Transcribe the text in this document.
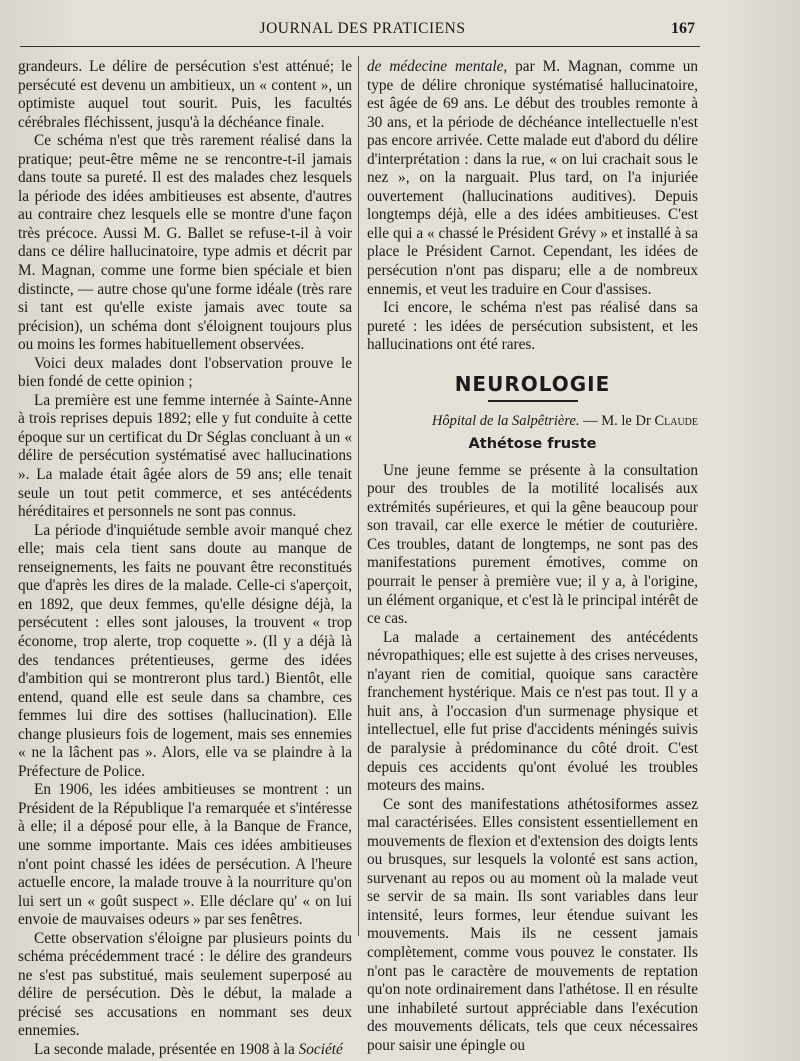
JOURNAL DES PRATICIENS	167

grandeurs. Le délire de persécution s'est atténué; le persécuté est devenu un ambitieux, un « content », un optimiste auquel tout sourit. Puis, les facultés cérébrales fléchissent, jusqu'à la déchéance finale.

Ce schéma n'est que très rarement réalisé dans la pratique; peut-être même ne se rencontre-t-il jamais dans toute sa pureté. Il est des malades chez lesquels la période des idées ambitieuses est absente, d'autres au contraire chez lesquels elle se montre d'une façon très précoce. Aussi M. G. Ballet se refuse-t-il à voir dans ce délire hallucinatoire, type admis et décrit par M. Magnan, comme une forme bien spéciale et bien distincte, — autre chose qu'une forme idéale (très rare si tant est qu'elle existe jamais avec toute sa précision), un schéma dont s'éloignent toujours plus ou moins les formes habituellement observées.

Voici deux malades dont l'observation prouve le bien fondé de cette opinion ;

La première est une femme internée à Sainte-Anne à trois reprises depuis 1892; elle y fut conduite à cette époque sur un certificat du Dr Séglas concluant à un « délire de persécution systématisé avec hallucinations ». La malade était âgée alors de 59 ans; elle tenait seule un tout petit commerce, et ses antécédents héréditaires et personnels ne sont pas connus.

La période d'inquiétude semble avoir manqué chez elle; mais cela tient sans doute au manque de renseignements, les faits ne pouvant être reconstitués que d'après les dires de la malade. Celle-ci s'aperçoit, en 1892, que deux femmes, qu'elle désigne déjà, la persécutent : elles sont jalouses, la trouvent « trop économe, trop alerte, trop coquette ». (Il y a déjà là des tendances prétentieuses, germe des idées d'ambition qui se montreront plus tard.) Bientôt, elle entend, quand elle est seule dans sa chambre, ces femmes lui dire des sottises (hallucination). Elle change plusieurs fois de logement, mais ses ennemies « ne la lâchent pas ». Alors, elle va se plaindre à la Préfecture de Police.

En 1906, les idées ambitieuses se montrent : un Président de la République l'a remarquée et s'intéresse à elle; il a déposé pour elle, à la Banque de France, une somme importante. Mais ces idées ambitieuses n'ont point chassé les idées de persécution. A l'heure actuelle encore, la malade trouve à la nourriture qu'on lui sert un « goût suspect ». Elle déclare qu' « on lui envoie de mauvaises odeurs » par ses fenêtres.

Cette observation s'éloigne par plusieurs points du schéma précédemment tracé : le délire des grandeurs ne s'est pas substitué, mais seulement superposé au délire de persécution. Dès le début, la malade a précisé ses accusations en nommant ses deux ennemies.

La seconde malade, présentée en 1908 à la Société

de médecine mentale, par M. Magnan, comme un type de délire chronique systématisé hallucinatoire, est âgée de 69 ans. Le début des troubles remonte à 30 ans, et la période de déchéance intellectuelle n'est pas encore arrivée. Cette malade eut d'abord du délire d'interprétation : dans la rue, « on lui crachait sous le nez », on la narguait. Plus tard, on l'a injuriée ouvertement (hallucinations auditives). Depuis longtemps déjà, elle a des idées ambitieuses. C'est elle qui a « chassé le Président Grévy » et installé à sa place le Président Carnot. Cependant, les idées de persécution n'ont pas disparu; elle a de nombreux ennemis, et veut les traduire en Cour d'assises.

Ici encore, le schéma n'est pas réalisé dans sa pureté : les idées de persécution subsistent, et les hallucinations ont été rares.

NEUROLOGIE
Hôpital de la Salpêtrière. — M. le Dr Claude
Athétose fruste

Une jeune femme se présente à la consultation pour des troubles de la motilité localisés aux extrémités supérieures, et qui la gêne beaucoup pour son travail, car elle exerce le métier de couturière. Ces troubles, datant de longtemps, ne sont pas des manifestations purement émotives, comme on pourrait le penser à première vue; il y a, à l'origine, un élément organique, et c'est là le principal intérêt de ce cas.

La malade a certainement des antécédents névropathiques; elle est sujette à des crises nerveuses, n'ayant rien de comitial, quoique sans caractère franchement hystérique. Mais ce n'est pas tout. Il y a huit ans, à l'occasion d'un surmenage physique et intellectuel, elle fut prise d'accidents méningés suivis de paralysie à prédominance du côté droit. C'est depuis ces accidents qu'ont évolué les troubles moteurs des mains.

Ce sont des manifestations athétosiformes assez mal caractérisées. Elles consistent essentiellement en mouvements de flexion et d'extension des doigts lents ou brusques, sur lesquels la volonté est sans action, survenant au repos ou au moment où la malade veut se servir de sa main. Ils sont variables dans leur intensité, leurs formes, leur étendue suivant les mouvements. Mais ils ne cessent jamais complètement, comme vous pouvez le constater. Ils n'ont pas le caractère de mouvements de reptation qu'on note ordinairement dans l'athétose. Il en résulte une inhabileté surtout appréciable dans l'exécution des mouvements délicats, tels que ceux nécessaires pour saisir une épingle ou
